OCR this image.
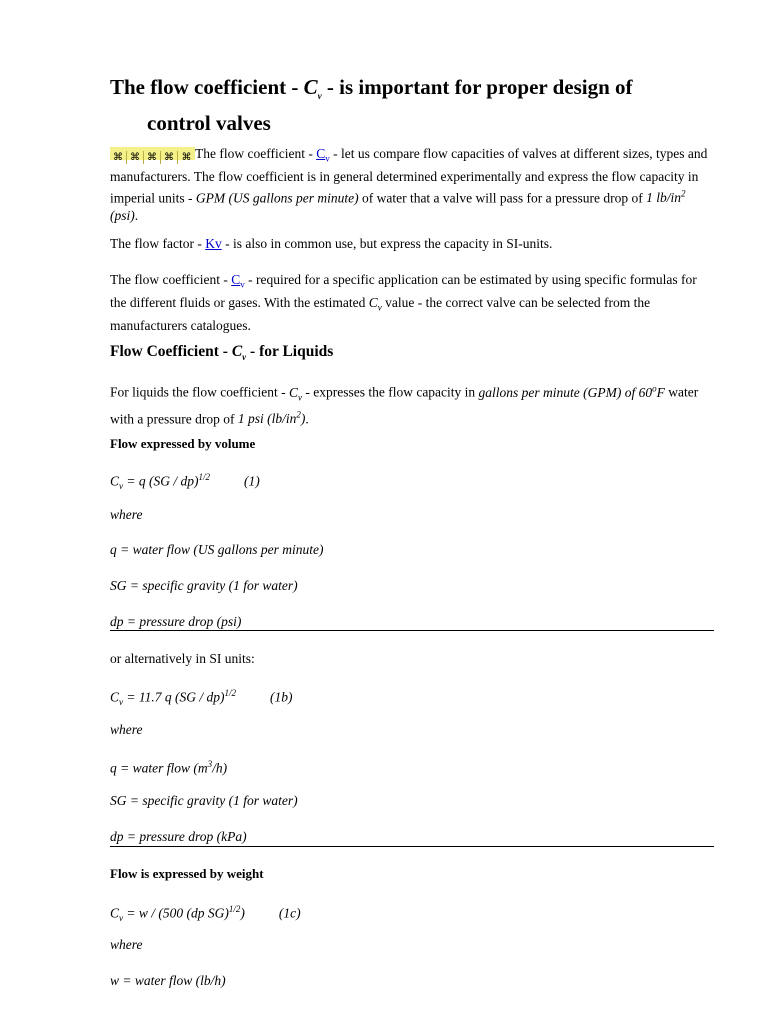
The flow coefficient - $C_v$ - is important for proper design of
control valves

⌘ ⌘ ⌘ ⌘ ⌘ The flow coefficient - $C_v$ - let us compare flow capacities of valves at different sizes, types and manufacturers. The flow coefficient is in general determined experimentally and express the flow capacity in imperial units - GPM (US gallons per minute) of water that a valve will pass for a pressure drop of 1 $lb/in^2$ (psi).

The flow factor - Kv - is also in common use, but express the capacity in SI-units.

The flow coefficient - $C_v$ - required for a specific application can be estimated by using specific formulas for the different fluids or gases. With the estimated $C_v$ value - the correct valve can be selected from the manufacturers catalogues.

Flow Coefficient - $C_v$ - for Liquids

For liquids the flow coefficient - $C_v$ - expresses the flow capacity in gallons per minute (GPM) of 60$^o$F water with a pressure drop of 1 psi $(lb/in^2)$.

Flow expressed by volume

$C_v = q$ (SG / dp)$^{1/2}$	(1)

where

q = water flow (US gallons per minute)

SG = specific gravity (1 for water)

dp = pressure drop (psi)

or alternatively in SI units:

$C_v = 11.7$ q (SG / dp)$^{1/2}$	(1b)

where

q = water flow $(m^3/h)$

SG = specific gravity (1 for water)

dp = pressure drop (kPa)

Flow is expressed by weight

$C_v = w / (500$ (dp SG)$^{1/2}$)	(1c)

where

w = water flow (lb/h)
